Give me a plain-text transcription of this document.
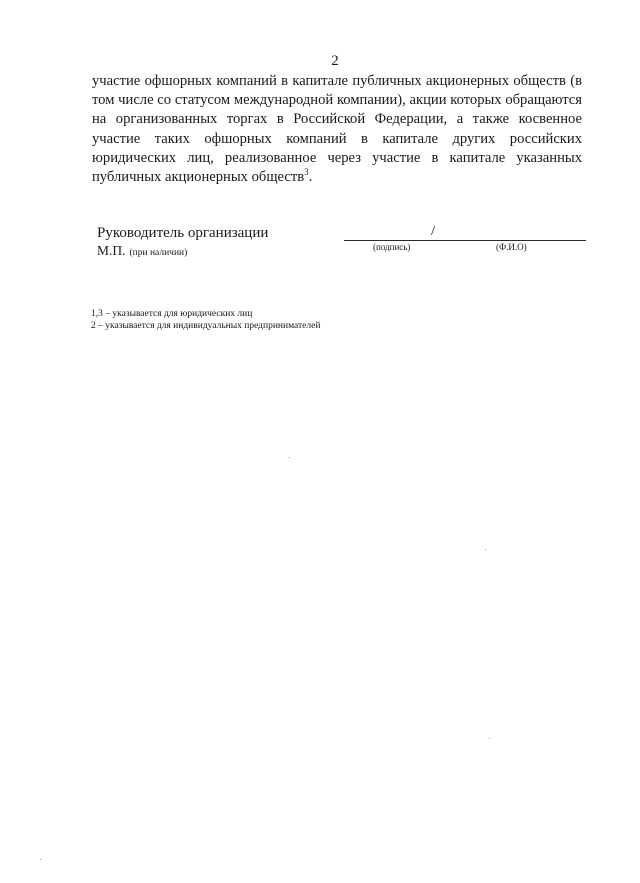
2

участие офшорных компаний в капитале публичных акционерных обществ (в том числе со статусом международной компании), акции которых обращаются на организованных торгах в Российской Федерации, а также косвенное участие таких офшорных компаний в капитале других российских юридических лиц, реализованное через участие в капитале указанных публичных акционерных обществ$^3$.

Руководитель организации
М.П. (при наличии)
/
(подпись)	(Ф.И.О)
1,3 – указывается для юридических лиц
2 – указывается для индивидуальных предпринимателей
